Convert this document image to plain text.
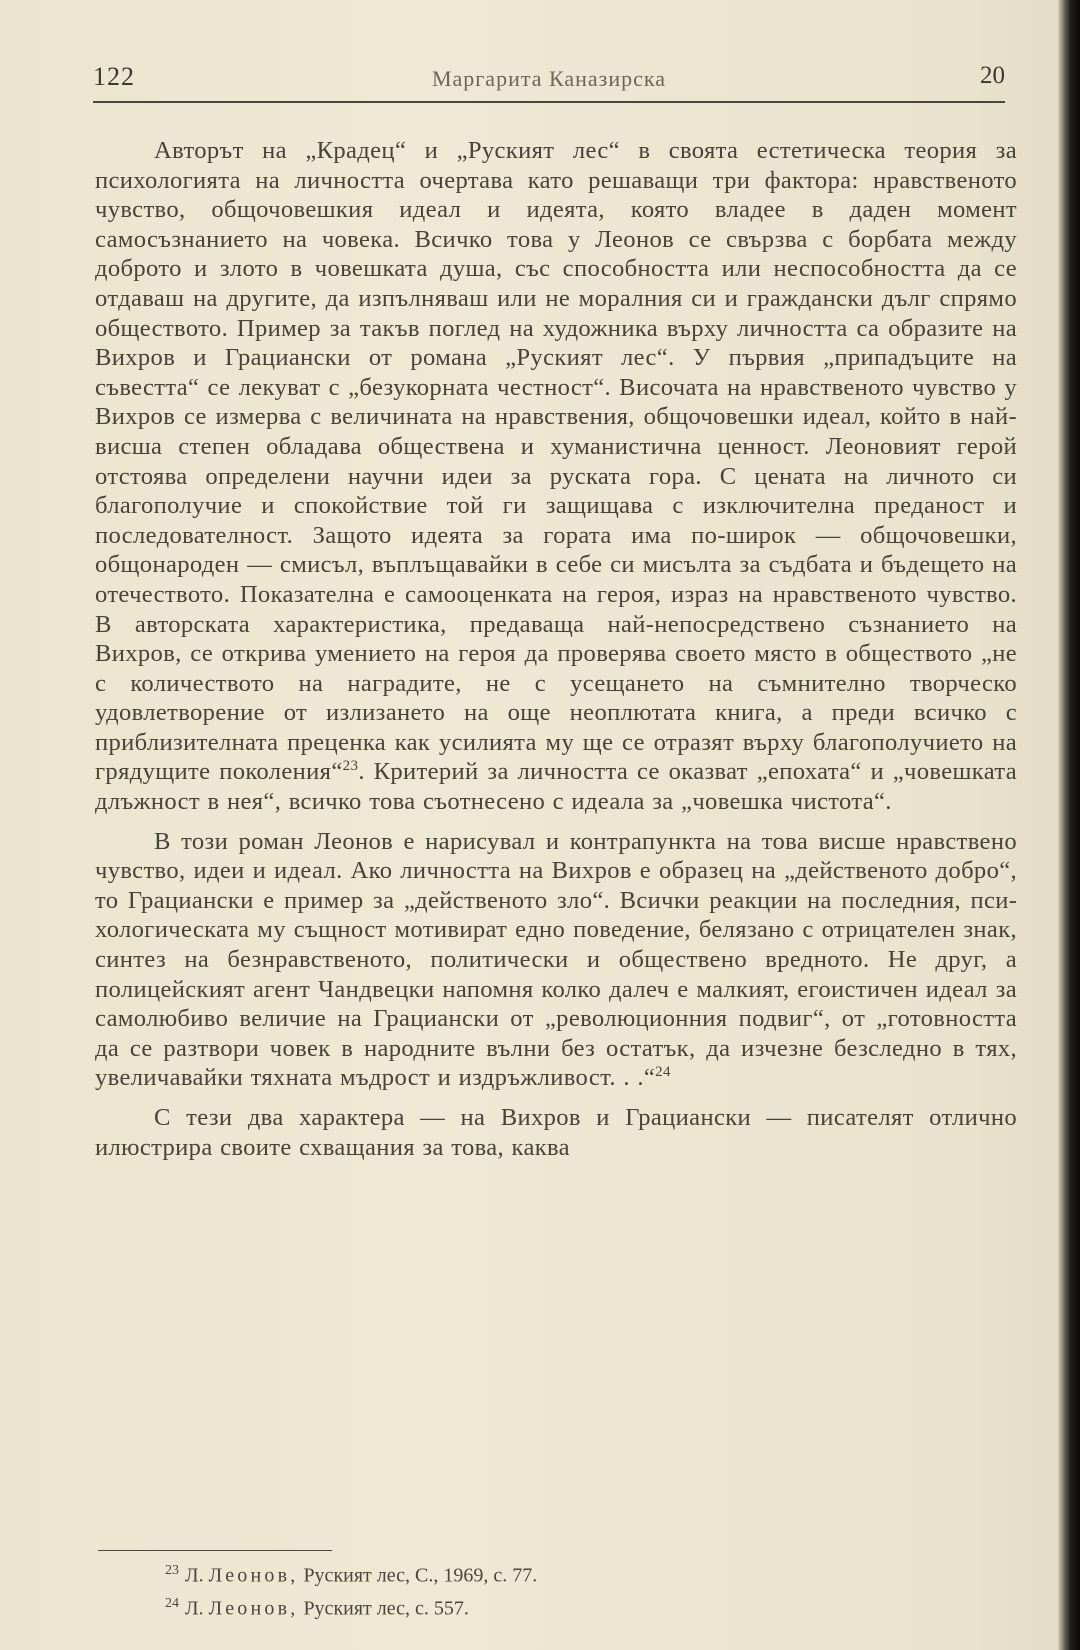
122	Маргарита Каназирска	20

Авторът на „Крадец“ и „Руският лес“ в своята естетическа теория за психологията на личността очертава като решаващи три фактора: нравственото чувство, общочовешкия идеал и идеята, която владее в даден момент самосъзнанието на човека. Всичко това у Леонов се свързва с борбата между доброто и злото в човешката душа, със способността или неспособността да се отдаваш на другите, да изпълняваш или не моралния си и граждански дълг спрямо обществото. Пример за такъв поглед на художника върху личността са образите на Вихров и Грациански от романа „Руският лес“. У първия „припадъците на съвестта“ се лекуват с „безукорната честност“. Височата на нравственото чувство у Вихров се измерва с величината на нравствения, общочовешки идеал, който в най-висша степен обладава обществена и хуманистична ценност. Леоновият герой отстоява определени научни идеи за руската гора. С цената на личното си благополучие и спокойствие той ги защищава с изключителна преданост и последователност. Защото идеята за гората има по-широк — общочовешки, общонароден — смисъл, въплъщавайки в себе си мисълта за съдбата и бъдещето на отечеството. Показателна е самооценката на героя, израз на нравственото чувство. В авторската характеристика, предаваща най-непосредствено съзнанието на Вихров, се открива умението на героя да проверява своето място в обществото „не с количеството на наградите, не с усещането на съмнително творческо удовлетворение от излизането на още неоплютата книга, а преди всичко с приблизителната преценка как усилията му ще се отразят върху благополучието на грядущите поколения“$^{23}$. Критерий за личността се оказват „епохата“ и „човешката длъжност в нея“, всичко това съотнесено с идеала за „човешка чистота“.

В този роман Леонов е нарисувал и контрапункта на това висше нравствено чувство, идеи и идеал. Ако личността на Вихров е образец на „действеното добро“, то Грациански е пример за „действеното зло“. Всички реакции на последния, психологическата му същност мотивират едно поведение, белязано с отрицателен знак, синтез на безнравственото, политически и обществено вредното. Не друг, а полицейският агент Чандвецки напомня колко далеч е малкият, егоистичен идеал за самолюбиво величие на Грациански от „революционния подвиг“, от „готовността да се разтвори човек в народните вълни без остатък, да изчезне безследно в тях, увеличавайки тяхната мъдрост и издръжливост. . .“$^{24}$

С тези два характера — на Вихров и Грациански — писателят отлично илюстрира своите схващания за това, каква

$^{23}$ Л. Леонов, Руският лес, С., 1969, с. 77.
$^{24}$ Л. Леонов, Руският лес, с. 557.
